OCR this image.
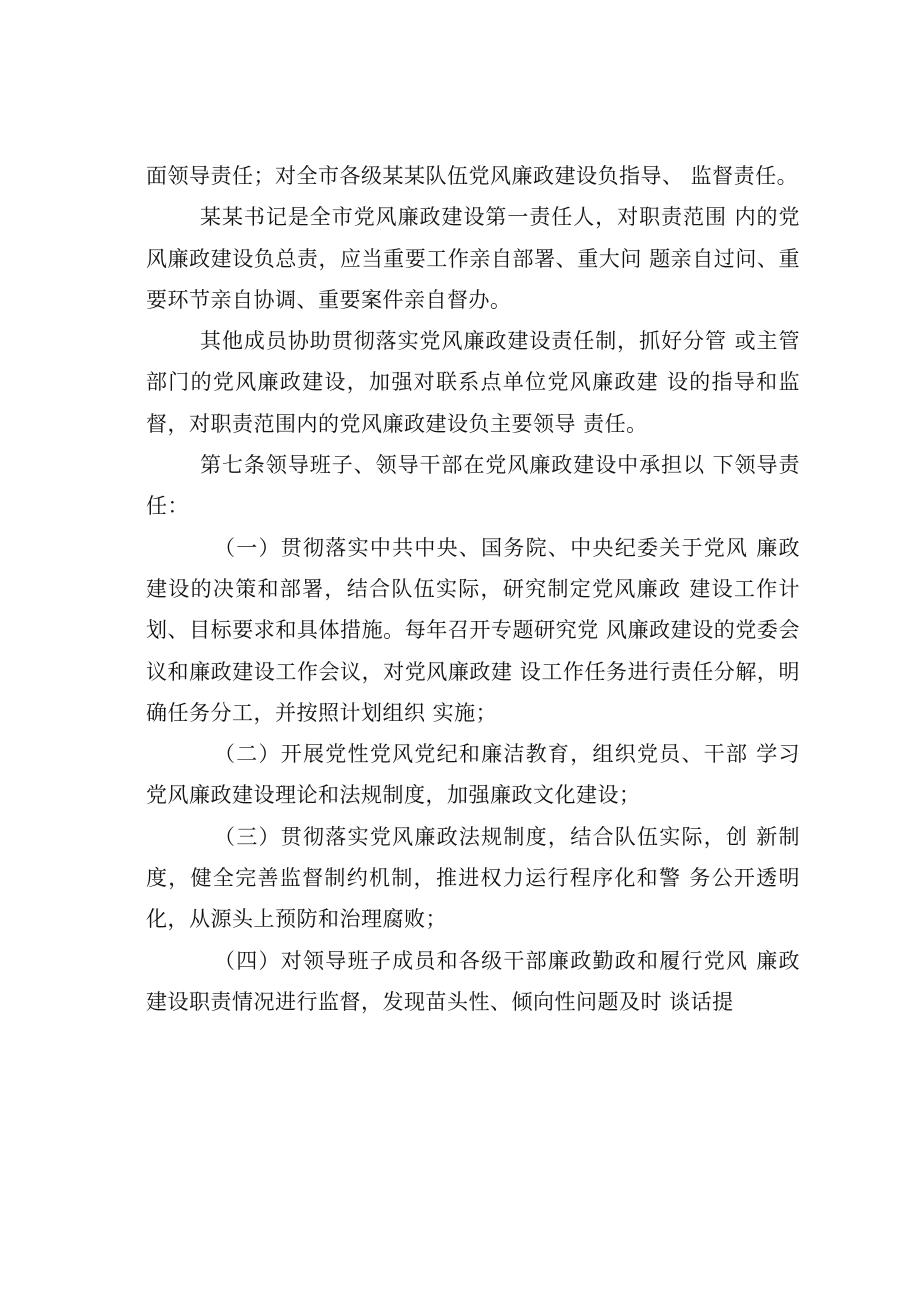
面领导责任；对全市各级某某队伍党风廉政建设负指导、 监督责任。

某某书记是全市党风廉政建设第一责任人，对职责范围 内的党风廉政建设负总责，应当重要工作亲自部署、重大问 题亲自过问、重要环节亲自协调、重要案件亲自督办。

其他成员协助贯彻落实党风廉政建设责任制，抓好分管 或主管部门的党风廉政建设，加强对联系点单位党风廉政建 设的指导和监督，对职责范围内的党风廉政建设负主要领导 责任。

第七条领导班子、领导干部在党风廉政建设中承担以 下领导责任：

（一）贯彻落实中共中央、国务院、中央纪委关于党风 廉政建设的决策和部署，结合队伍实际，研究制定党风廉政 建设工作计划、目标要求和具体措施。每年召开专题研究党 风廉政建设的党委会议和廉政建设工作会议，对党风廉政建 设工作任务进行责任分解，明确任务分工，并按照计划组织 实施；

（二）开展党性党风党纪和廉洁教育，组织党员、干部 学习党风廉政建设理论和法规制度，加强廉政文化建设；

（三）贯彻落实党风廉政法规制度，结合队伍实际，创 新制度，健全完善监督制约机制，推进权力运行程序化和警 务公开透明化，从源头上预防和治理腐败；

（四）对领导班子成员和各级干部廉政勤政和履行党风 廉政建设职责情况进行监督，发现苗头性、倾向性问题及时 谈话提
